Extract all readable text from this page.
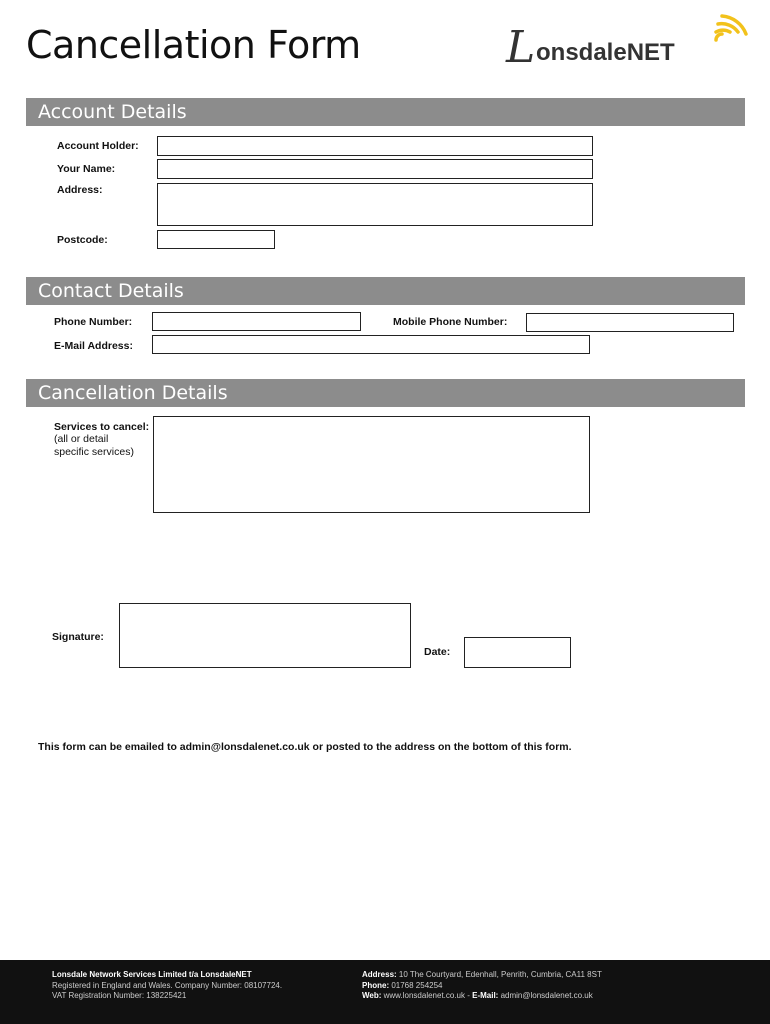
Cancellation Form	L onsdaleNET
Account Details
Account Holder:
Your Name:
Address:
Postcode:
Contact Details
Phone Number:	Mobile Phone Number:
E-Mail Address:
Cancellation Details
Services to cancel:
(all or detail
specific services)
Signature:
Date:
This form can be emailed to admin@lonsdalenet.co.uk or posted to the address on the bottom of this form.
Lonsdale Network Services Limited t/a LonsdaleNET
Registered in England and Wales. Company Number: 08107724.
VAT Registration Number: 138225421
Address: 10 The Courtyard, Edenhall, Penrith, Cumbria, CA11 8ST
Phone: 01768 254254
Web: www.lonsdalenet.co.uk - E-Mail: admin@lonsdalenet.co.uk
